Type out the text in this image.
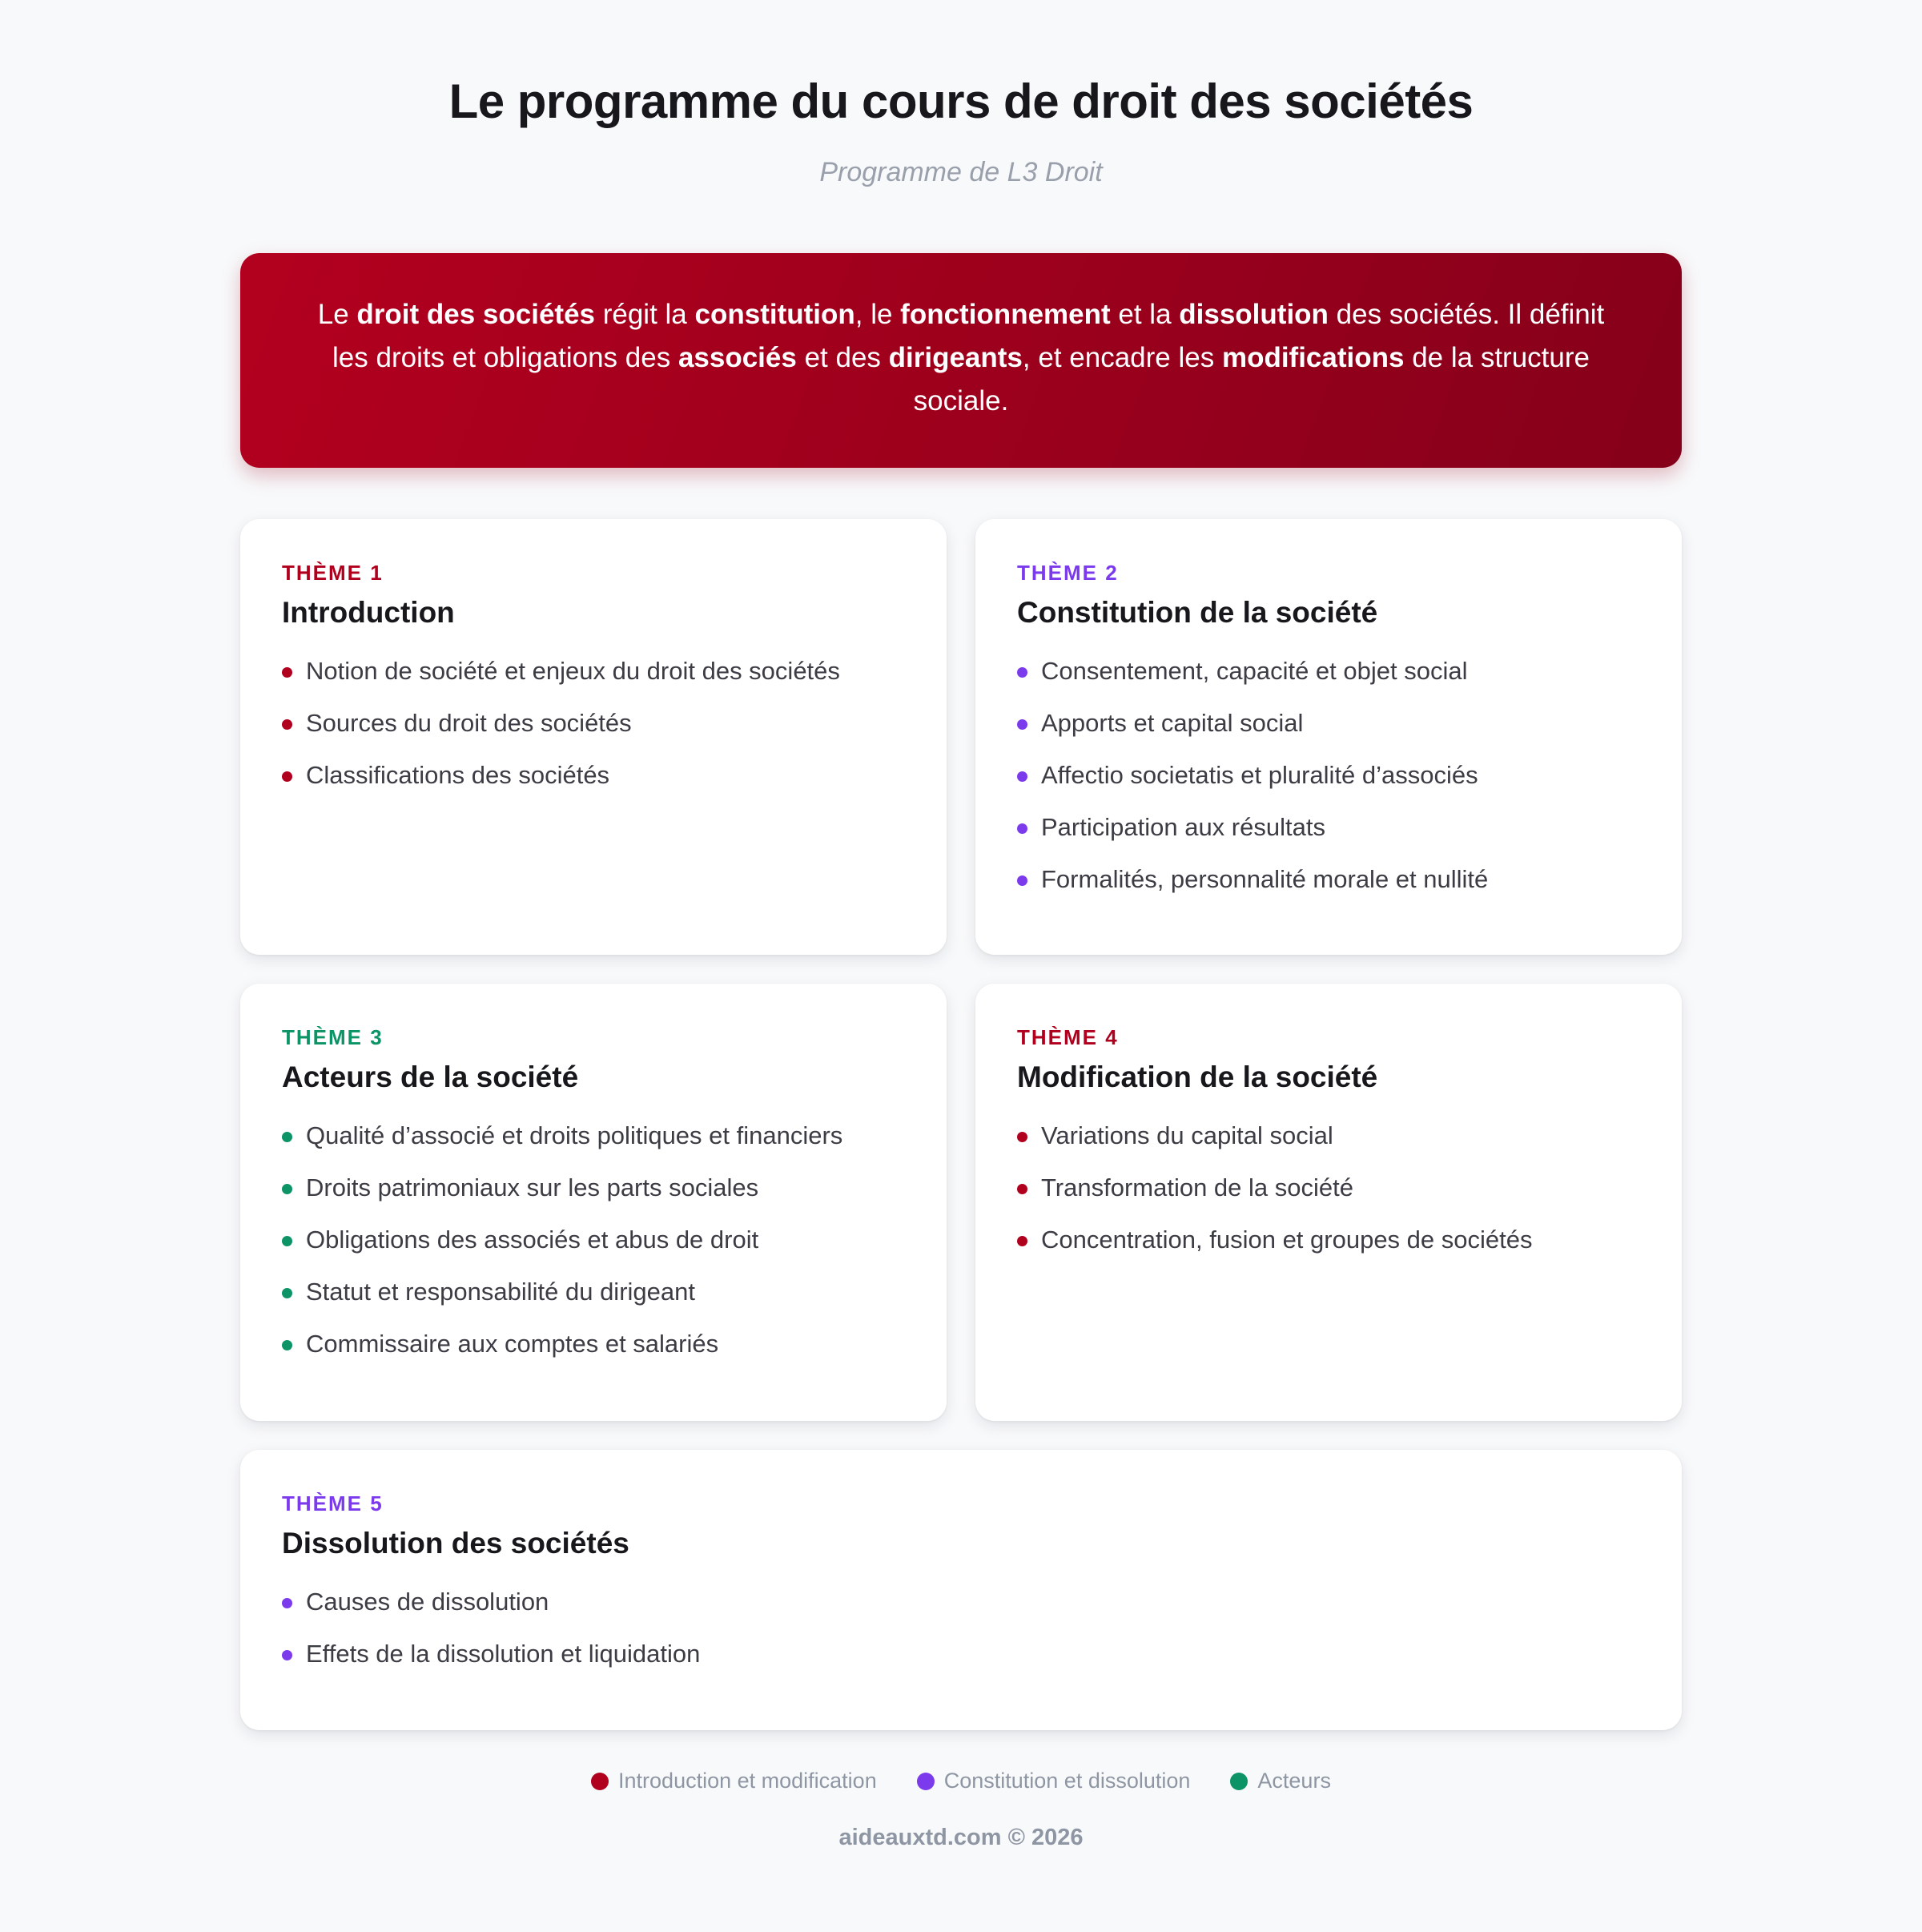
Le programme du cours de droit des sociétés
Programme de L3 Droit

Le droit des sociétés régit la constitution, le fonctionnement et la dissolution des sociétés. Il définit les droits et obligations des associés et des dirigeants, et encadre les modifications de la structure sociale.

THÈME 1
Introduction
Notion de société et enjeux du droit des sociétés
Sources du droit des sociétés
Classifications des sociétés
THÈME 2
Constitution de la société
Consentement, capacité et objet social
Apports et capital social
Affectio societatis et pluralité d’associés
Participation aux résultats
Formalités, personnalité morale et nullité
THÈME 3
Acteurs de la société
Qualité d’associé et droits politiques et financiers
Droits patrimoniaux sur les parts sociales
Obligations des associés et abus de droit
Statut et responsabilité du dirigeant
Commissaire aux comptes et salariés
THÈME 4
Modification de la société
Variations du capital social
Transformation de la société
Concentration, fusion et groupes de sociétés
THÈME 5
Dissolution des sociétés
Causes de dissolution
Effets de la dissolution et liquidation
Introduction et modification	Constitution et dissolution	Acteurs
aideauxtd.com © 2026
